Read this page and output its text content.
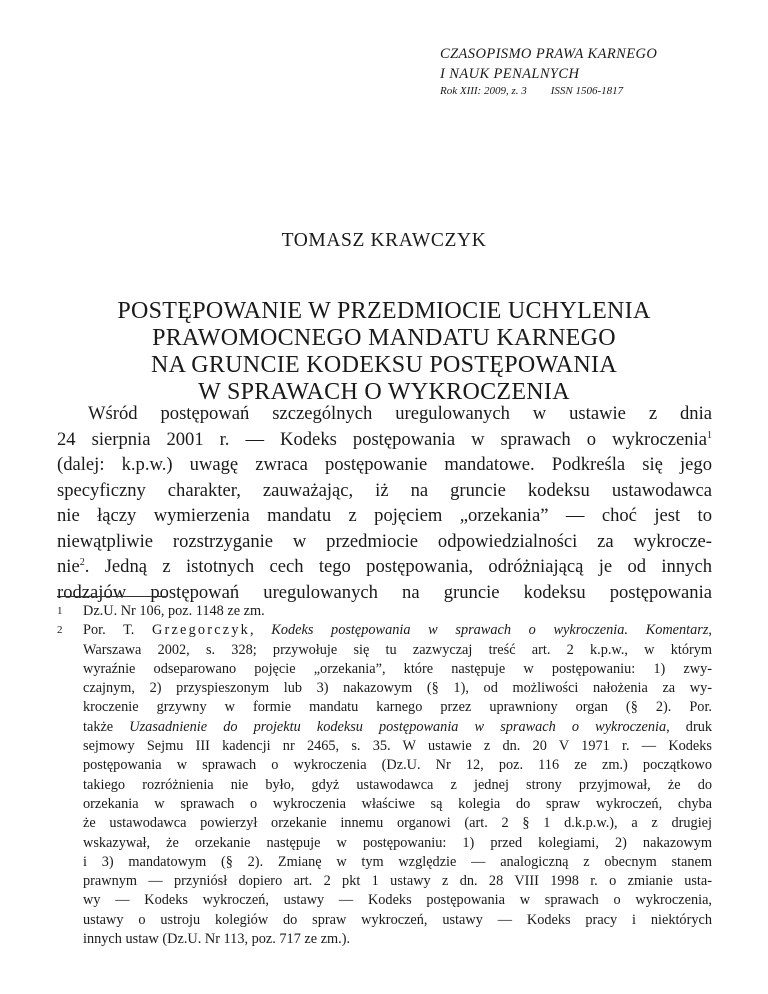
CZASOPISMO PRAWA KARNEGO
I NAUK PENALNYCH
Rok XIII: 2009, z. 3 ISSN 1506-1817
TOMASZ KRAWCZYK
POSTĘPOWANIE W PRZEDMIOCIE UCHYLENIA
PRAWOMOCNEGO MANDATU KARNEGO
NA GRUNCIE KODEKSU POSTĘPOWANIA
W SPRAWACH O WYKROCZENIA
Wśród postępowań szczególnych uregulowanych w ustawie z dnia
24 sierpnia 2001 r. — Kodeks postępowania w sprawach o wykroczenia$^1$
(dalej: k.p.w.) uwagę zwraca postępowanie mandatowe. Podkreśla się jego
specyficzny charakter, zauważając, iż na gruncie kodeksu ustawodawca
nie łączy wymierzenia mandatu z pojęciem „orzekania” — choć jest to
niewątpliwie rozstrzyganie w przedmiocie odpowiedzialności za wykrocze-
nie$^2$. Jedną z istotnych cech tego postępowania, odróżniającą je od innych
rodzajów postępowań uregulowanych na gruncie kodeksu postępowania
1 Dz.U. Nr 106, poz. 1148 ze zm.
2 Por. T. Grzegorczyk, Kodeks postępowania w sprawach o wykroczenia. Komentarz,
Warszawa 2002, s. 328; przywołuje się tu zazwyczaj treść art. 2 k.p.w., w którym
wyraźnie odseparowano pojęcie „orzekania”, które następuje w postępowaniu: 1) zwy-
czajnym, 2) przyspieszonym lub 3) nakazowym (§ 1), od możliwości nałożenia za wy-
kroczenie grzywny w formie mandatu karnego przez uprawniony organ (§ 2). Por.
także Uzasadnienie do projektu kodeksu postępowania w sprawach o wykroczenia, druk
sejmowy Sejmu III kadencji nr 2465, s. 35. W ustawie z dn. 20 V 1971 r. — Kodeks
postępowania w sprawach o wykroczenia (Dz.U. Nr 12, poz. 116 ze zm.) początkowo
takiego rozróżnienia nie było, gdyż ustawodawca z jednej strony przyjmował, że do
orzekania w sprawach o wykroczenia właściwe są kolegia do spraw wykroczeń, chyba
że ustawodawca powierzył orzekanie innemu organowi (art. 2 § 1 d.k.p.w.), a z drugiej
wskazywał, że orzekanie następuje w postępowaniu: 1) przed kolegiami, 2) nakazowym
i 3) mandatowym (§ 2). Zmianę w tym względzie — analogiczną z obecnym stanem
prawnym — przyniósł dopiero art. 2 pkt 1 ustawy z dn. 28 VIII 1998 r. o zmianie usta-
wy — Kodeks wykroczeń, ustawy — Kodeks postępowania w sprawach o wykroczenia,
ustawy o ustroju kolegiów do spraw wykroczeń, ustawy — Kodeks pracy i niektórych
innych ustaw (Dz.U. Nr 113, poz. 717 ze zm.).
